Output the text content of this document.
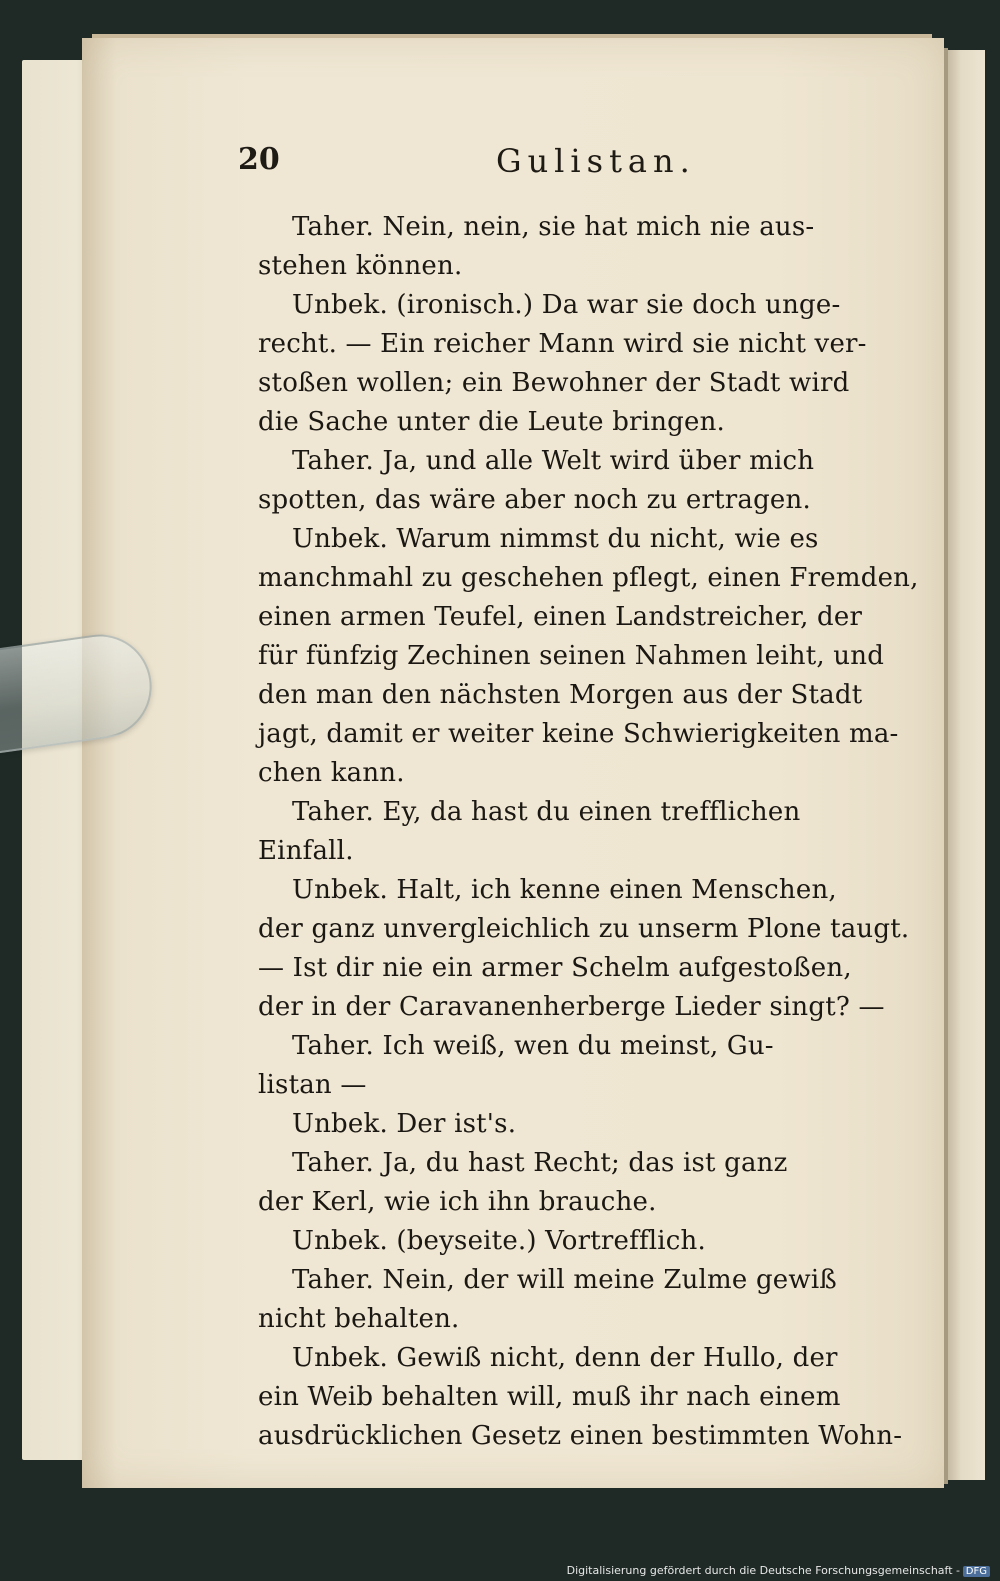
20	Gulistan.
Taher. Nein, nein, sie hat mich nie aus-
stehen können.
Unbek. (ironisch.) Da war sie doch unge-
recht. — Ein reicher Mann wird sie nicht ver-
stoßen wollen; ein Bewohner der Stadt wird
die Sache unter die Leute bringen.
Taher. Ja, und alle Welt wird über mich
spotten, das wäre aber noch zu ertragen.
Unbek. Warum nimmst du nicht, wie es
manchmahl zu geschehen pflegt, einen Fremden,
einen armen Teufel, einen Landstreicher, der
für fünfzig Zechinen seinen Nahmen leiht, und
den man den nächsten Morgen aus der Stadt
jagt, damit er weiter keine Schwierigkeiten ma-
chen kann.
Taher. Ey, da hast du einen trefflichen
Einfall.
Unbek. Halt, ich kenne einen Menschen,
der ganz unvergleichlich zu unserm Plone taugt.
— Ist dir nie ein armer Schelm aufgestoßen,
der in der Caravanenherberge Lieder singt? —
Taher. Ich weiß, wen du meinst, Gu-
listan —
Unbek. Der ist's.
Taher. Ja, du hast Recht; das ist ganz
der Kerl, wie ich ihn brauche.
Unbek. (beyseite.) Vortrefflich.
Taher. Nein, der will meine Zulme gewiß
nicht behalten.
Unbek. Gewiß nicht, denn der Hullo, der
ein Weib behalten will, muß ihr nach einem
ausdrücklichen Gesetz einen bestimmten Wohn-
Digitalisierung gefördert durch die Deutsche Forschungsgemeinschaft - DFG
